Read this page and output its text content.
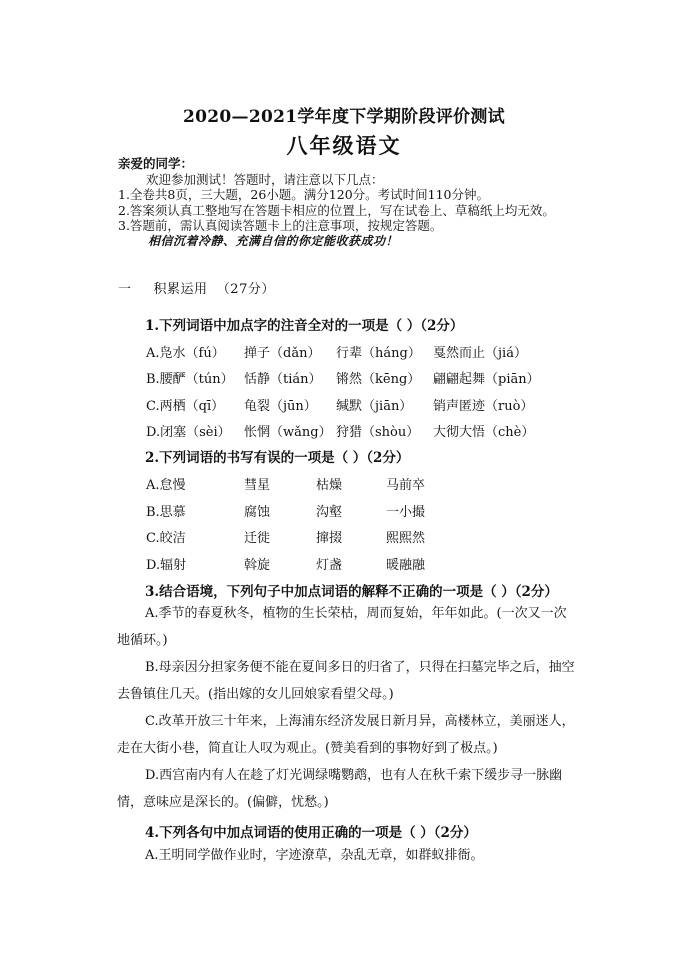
2020—2021学年度下学期阶段评价测试
八年级语文
亲爱的同学：
欢迎参加测试！答题时，请注意以下几点：
1.全卷共8页，三大题，26小题。满分120分。考试时间110分钟。
2.答案须认真工整地写在答题卡相应的位置上，写在试卷上、草稿纸上均无效。
3.答题前，需认真阅读答题卡上的注意事项，按规定答题。
相信沉着冷静、充满自信的你定能收获成功！
一 积累运用 （27分）
1.下列词语中加点字的注音全对的一项是（ ）（2分）
A.凫水（fú） 掸子（dǎn） 行辈（háng） 戛然而止（jiá）
B.腰酽（tún） 恬静（tián） 锵然（kēng） 翩翩起舞（piān）
C.两栖（qī） 龟裂（jūn） 缄默（jiān） 销声匿迹（ruò）
D.闭塞（sèi） 怅惘（wǎng） 狩猎（shòu） 大彻大悟（chè）
2.下列词语的书写有误的一项是（ ）（2分）
A.怠慢	彗星	枯燥	马前卒
B.思慕	腐蚀	沟壑	一小撮
C.皎洁	迁徙	撺掇	熙熙然
D.辐射	斡旋	灯盏	暖融融
3.结合语境，下列句子中加点词语的解释不正确的一项是（ ）（2分）
A.季节的春夏秋冬，植物的生长荣枯，周而复始，年年如此。(一次又一次地循环。)
B.母亲因分担家务便不能在夏间多日的归省了，只得在扫墓完毕之后，抽空去鲁镇住几天。(指出嫁的女儿回娘家看望父母。)
C.改革开放三十年来，上海浦东经济发展日新月异，高楼林立，美丽迷人，走在大街小巷，简直让人叹为观止。(赞美看到的事物好到了极点。)
D.西宫南内有人在趁了灯光调绿嘴鹦鹉，也有人在秋千索下缓步寻一脉幽情，意味应是深长的。(偏僻，忧愁。)
4.下列各句中加点词语的使用正确的一项是（ ）（2分）
A.王明同学做作业时，字迹潦草，杂乱无章，如群蚁排衙。
